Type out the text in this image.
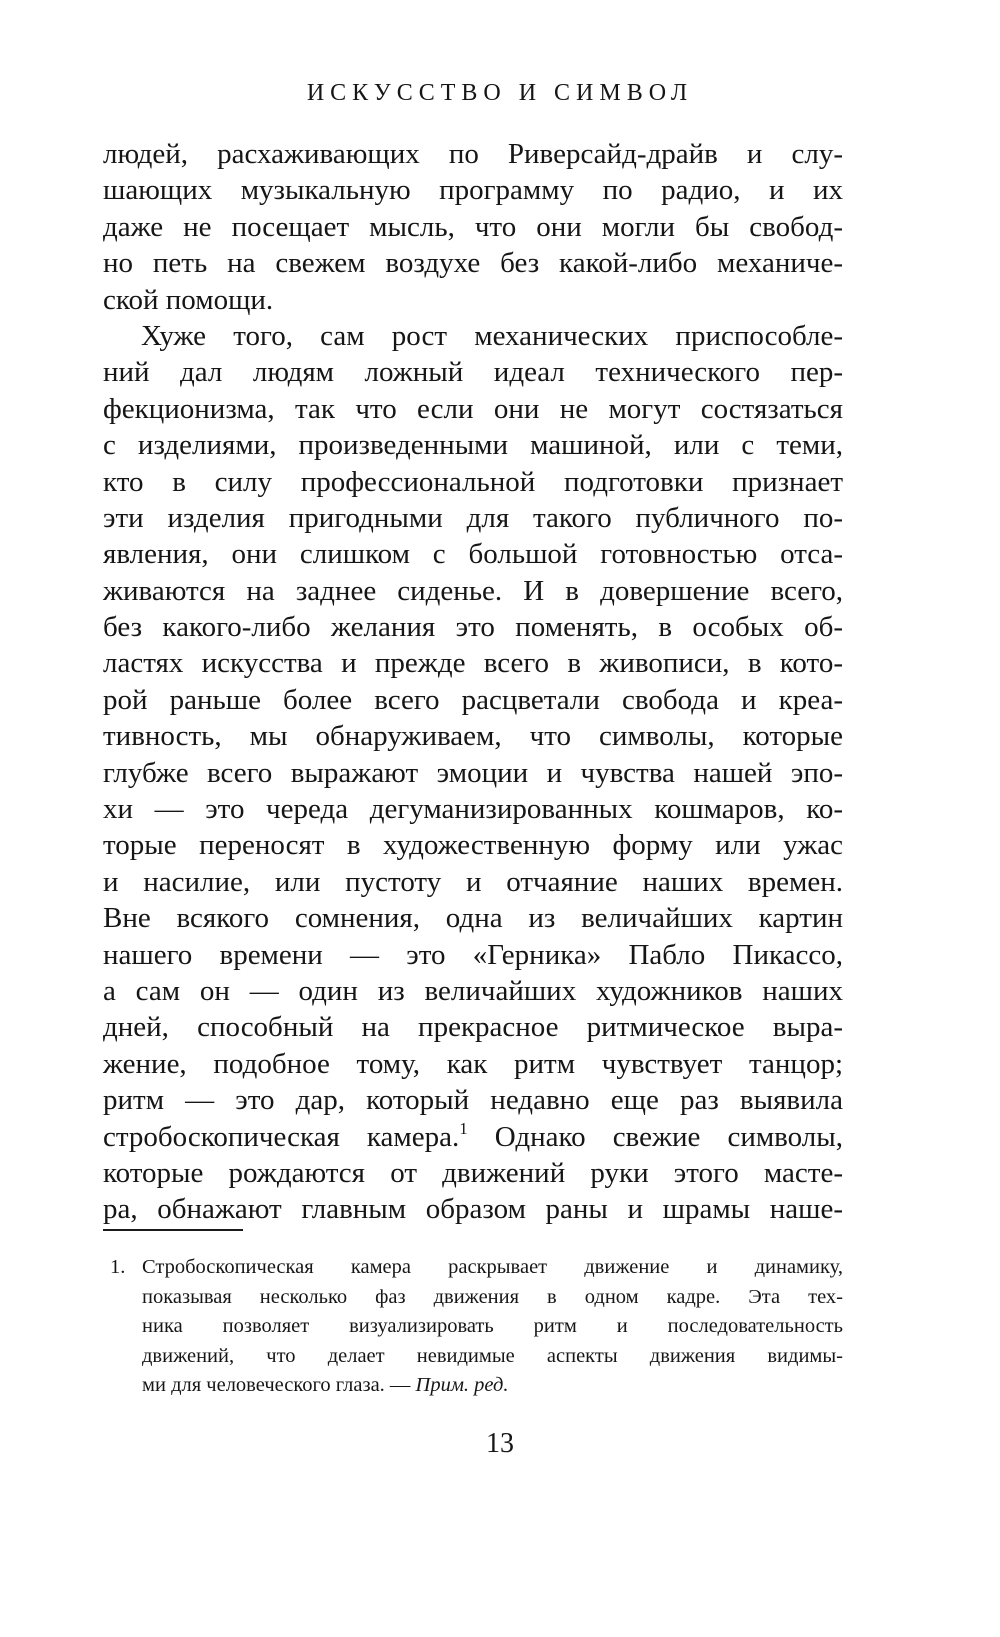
ИСКУССТВО И СИМВОЛ
людей, расхаживающих по Риверсайд-драйв и слу-
шающих музыкальную программу по радио, и их
даже не посещает мысль, что они могли бы свобод-
но петь на свежем воздухе без какой-либо механиче-
ской помощи.
Хуже того, сам рост механических приспособле-
ний дал людям ложный идеал технического пер-
фекционизма, так что если они не могут состязаться
с изделиями, произведенными машиной, или с теми,
кто в силу профессиональной подготовки признает
эти изделия пригодными для такого публичного по-
явления, они слишком с большой готовностью отса-
живаются на заднее сиденье. И в довершение всего,
без какого-либо желания это поменять, в особых об-
ластях искусства и прежде всего в живописи, в кото-
рой раньше более всего расцветали свобода и креа-
тивность, мы обнаруживаем, что символы, которые
глубже всего выражают эмоции и чувства нашей эпо-
хи — это череда дегуманизированных кошмаров, ко-
торые переносят в художественную форму или ужас
и насилие, или пустоту и отчаяние наших времен.
Вне всякого сомнения, одна из величайших картин
нашего времени — это «Герника» Пабло Пикассо,
а сам он — один из величайших художников наших
дней, способный на прекрасное ритмическое выра-
жение, подобное тому, как ритм чувствует танцор;
ритм — это дар, который недавно еще раз выявила
стробоскопическая камера.$^1$ Однако свежие символы,
которые рождаются от движений руки этого масте-
ра, обнажают главным образом раны и шрамы наше-
1. Стробоскопическая камера раскрывает движение и динамику,
показывая несколько фаз движения в одном кадре. Эта тех-
ника позволяет визуализировать ритм и последовательность
движений, что делает невидимые аспекты движения видимы-
ми для человеческого глаза. — Прим. ред.
13
